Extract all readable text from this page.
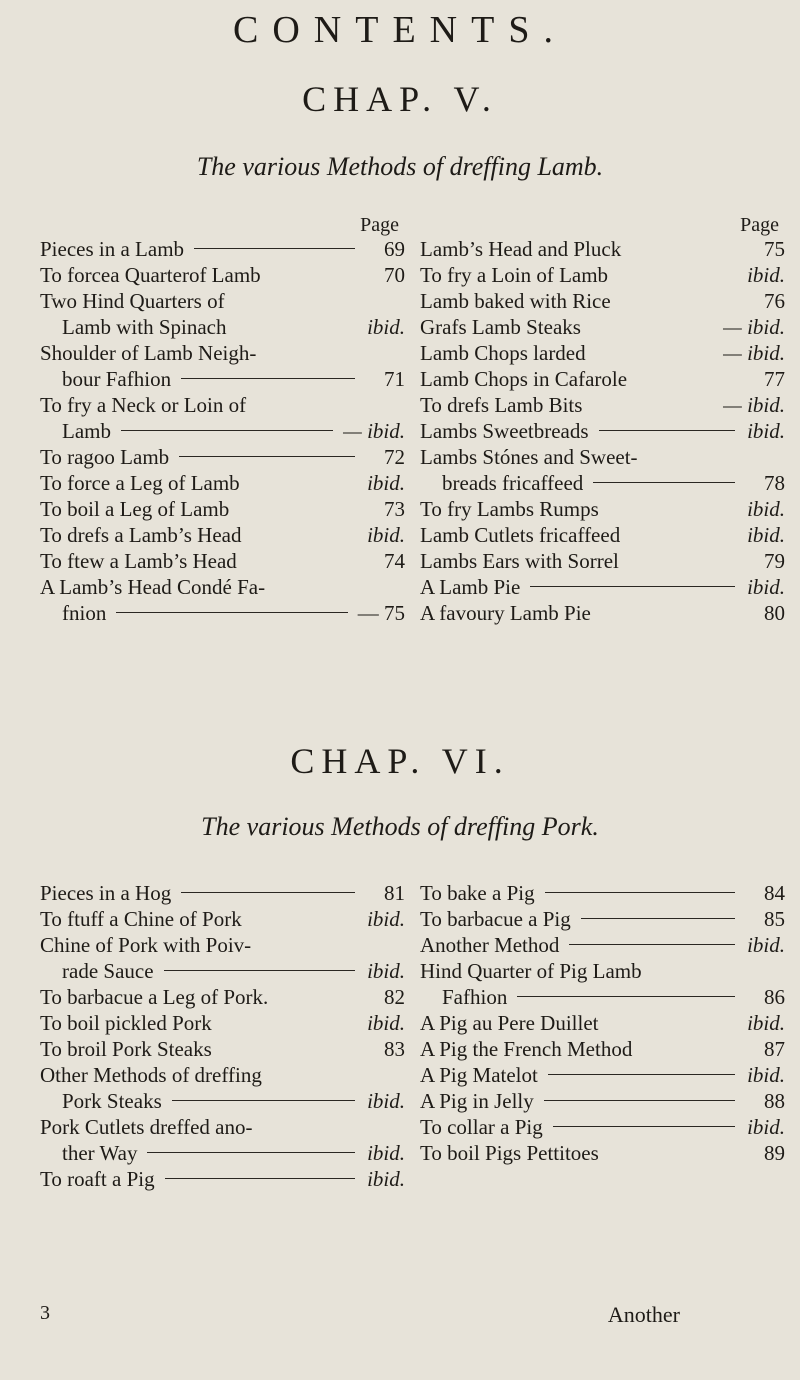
CONTENTS.
CHAP. V.
The various Methods of dreffing Lamb.
Page
Pieces in a Lamb	69
To forcea Quarterof Lamb	70
Two Hind Quarters of
Lamb with Spinach	ibid.
Shoulder of Lamb Neigh-
bour Fafhion	71
To fry a Neck or Loin of
Lamb	— ibid.
To ragoo Lamb	72
To force a Leg of Lamb	ibid.
To boil a Leg of Lamb	73
To drefs a Lamb’s Head	ibid.
To ftew a Lamb’s Head	74
A Lamb’s Head Condé Fa-
fnion	— 75
Page
Lamb’s Head and Pluck	75
To fry a Loin of Lamb	ibid.
Lamb baked with Rice	76
Grafs Lamb Steaks	— ibid.
Lamb Chops larded	— ibid.
Lamb Chops in Cafarole	77
To drefs Lamb Bits	— ibid.
Lambs Sweetbreads	ibid.
Lambs Stónes and Sweet-
breads fricaffeed	78
To fry Lambs Rumps	ibid.
Lamb Cutlets fricaffeed	ibid.
Lambs Ears with Sorrel	79
A Lamb Pie	ibid.
A favoury Lamb Pie	80
CHAP. VI.
The various Methods of dreffing Pork.
Pieces in a Hog	81
To ftuff a Chine of Pork	ibid.
Chine of Pork with Poiv-
rade Sauce	ibid.
To barbacue a Leg of Pork.	82
To boil pickled Pork	ibid.
To broil Pork Steaks	83
Other Methods of dreffing
Pork Steaks	ibid.
Pork Cutlets dreffed ano-
ther Way	ibid.
To roaft a Pig	ibid.
To bake a Pig	84
To barbacue a Pig	85
Another Method	ibid.
Hind Quarter of Pig Lamb
Fafhion	86
A Pig au Pere Duillet	ibid.
A Pig the French Method	87
A Pig Matelot	ibid.
A Pig in Jelly	88
To collar a Pig	ibid.
To boil Pigs Pettitoes	89
3	Another
